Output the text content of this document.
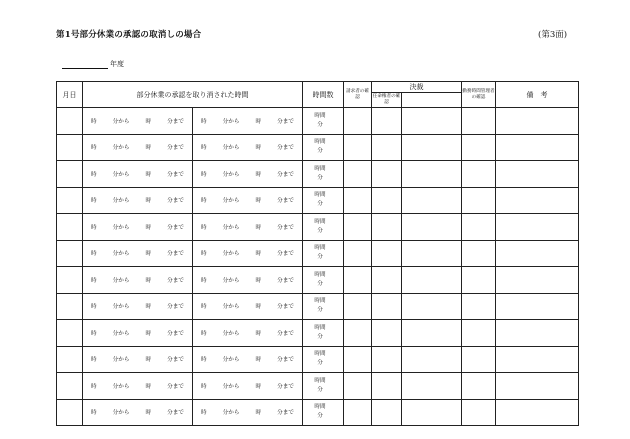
第1号部分休業の承認の取消しの場合	(第3面)
年度
月日	部分休業の承認を取り消された時間		時間数	請求者の確認	決裁		勤務時間管理者の確認	備　考
					任命権者の確認			

	時 分から 時 分まで	時 分から 時 分まで	時間
分					

	時 分から 時 分まで	時 分から 時 分まで	時間
分					

	時 分から 時 分まで	時 分から 時 分まで	時間
分					

	時 分から 時 分まで	時 分から 時 分まで	時間
分					

	時 分から 時 分まで	時 分から 時 分まで	時間
分					

	時 分から 時 分まで	時 分から 時 分まで	時間
分					

	時 分から 時 分まで	時 分から 時 分まで	時間
分					

	時 分から 時 分まで	時 分から 時 分まで	時間
分					

	時 分から 時 分まで	時 分から 時 分まで	時間
分					

	時 分から 時 分まで	時 分から 時 分まで	時間
分					

	時 分から 時 分まで	時 分から 時 分まで	時間
分					

	時 分から 時 分まで	時 分から 時 分まで	時間
分					
